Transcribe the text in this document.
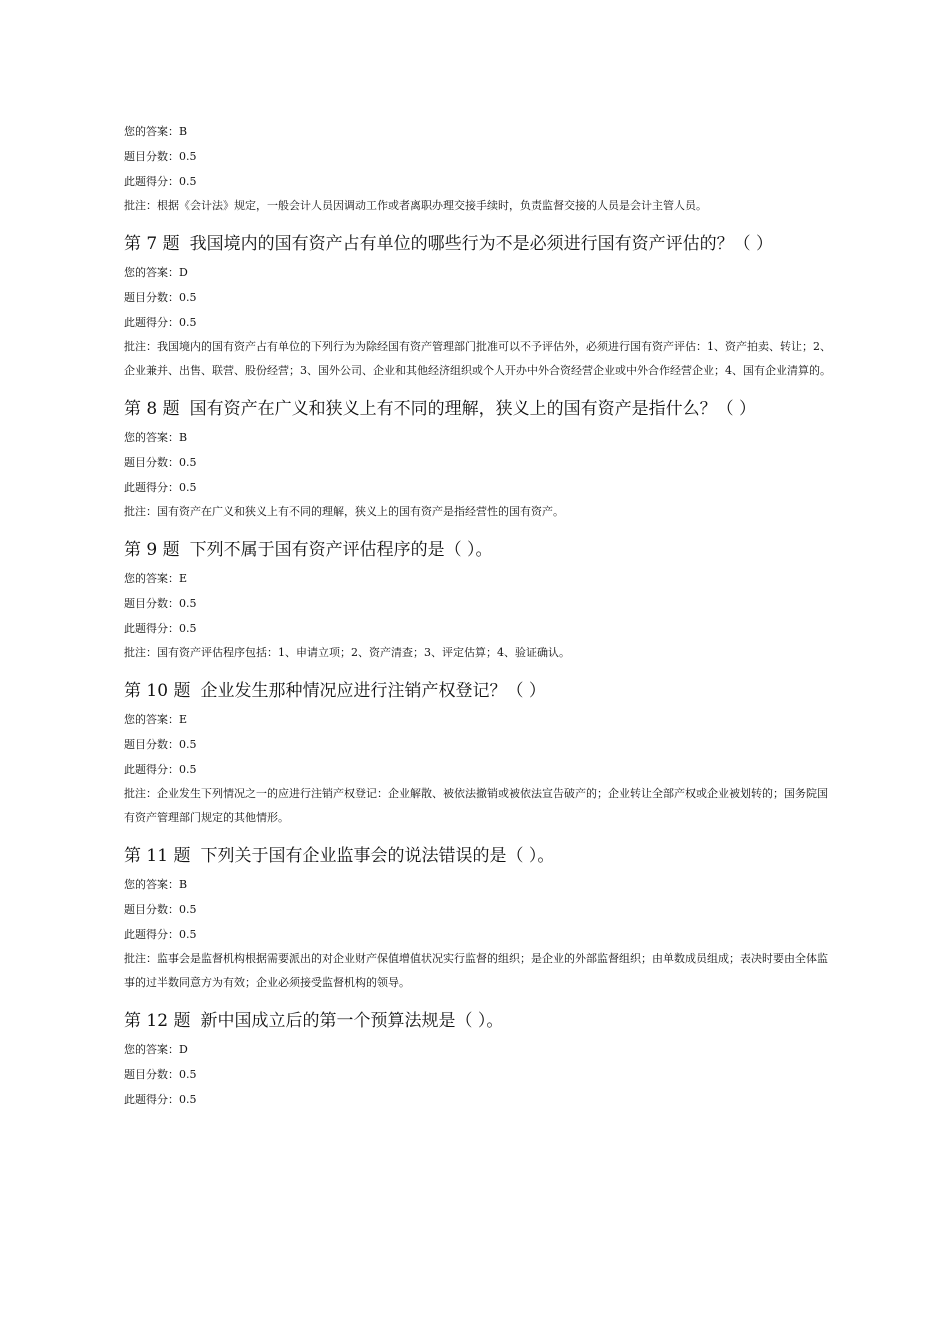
您的答案：B
题目分数：0.5
此题得分：0.5
批注：根据《会计法》规定，一般会计人员因调动工作或者离职办理交接手续时，负责监督交接的人员是会计主管人员。
第 7 题 我国境内的国有资产占有单位的哪些行为不是必须进行国有资产评估的？（ ）
您的答案：D
题目分数：0.5
此题得分：0.5
批注：我国境内的国有资产占有单位的下列行为为除经国有资产管理部门批准可以不予评估外，必须进行国有资产评估：1、资产拍卖、转让；2、企业兼并、出售、联营、股份经营；3、国外公司、企业和其他经济组织或个人开办中外合资经营企业或中外合作经营企业；4、国有企业清算的。
第 8 题 国有资产在广义和狭义上有不同的理解，狭义上的国有资产是指什么？（ ）
您的答案：B
题目分数：0.5
此题得分：0.5
批注：国有资产在广义和狭义上有不同的理解，狭义上的国有资产是指经营性的国有资产。
第 9 题 下列不属于国有资产评估程序的是（ ）。
您的答案：E
题目分数：0.5
此题得分：0.5
批注：国有资产评估程序包括：1、申请立项；2、资产清查；3、评定估算；4、验证确认。
第 10 题 企业发生那种情况应进行注销产权登记？（ ）
您的答案：E
题目分数：0.5
此题得分：0.5
批注：企业发生下列情况之一的应进行注销产权登记：企业解散、被依法撤销或被依法宣告破产的；企业转让全部产权或企业被划转的；国务院国有资产管理部门规定的其他情形。
第 11 题 下列关于国有企业监事会的说法错误的是（ ）。
您的答案：B
题目分数：0.5
此题得分：0.5
批注：监事会是监督机构根据需要派出的对企业财产保值增值状况实行监督的组织；是企业的外部监督组织；由单数成员组成；表决时要由全体监事的过半数同意方为有效；企业必须接受监督机构的领导。
第 12 题 新中国成立后的第一个预算法规是（ ）。
您的答案：D
题目分数：0.5
此题得分：0.5
